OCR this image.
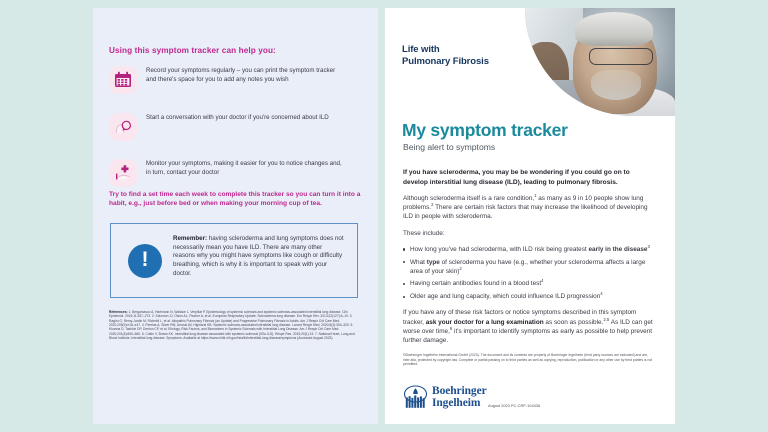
Using this symptom tracker can help you:
Record your symptoms regularly – you can print the symptom tracker and there's space for you to add any notes you wish
Start a conversation with your doctor if you're concerned about ILD
Monitor your symptoms, making it easier for you to notice changes and, in turn, contact your doctor
Try to find a set time each week to complete this tracker so you can turn it into a habit, e.g., just before bed or when making your morning cup of tea.
!
Remember: having scleroderma and lung symptoms does not necessarily mean you have ILD. There are many other reasons why you might have symptoms like cough or difficulty breathing, which is why it is important to speak with your doctor.
References: 1. Bergamasco A, Hartmann N, Wallace L, Verpillat P. Epidemiology of systemic sclerosis and systemic sclerosis-associated interstitial lung disease. Clin Epidemiol. 2019;11:257–273. 2. Solomon JJ, Olson AL, Fischer A, et al. European Respiratory Update. Scleroderma lung disease. Eur Respir Rev. 2013;22(127):6–19. 3. Raghu G, Remy-Jardin M, Richeldi L, et al. Idiopathic Pulmonary Fibrosis (an Update) and Progressive Pulmonary Fibrosis in Adults. Am J Respir Crit Care Med. 2022;205(9):e18–e47. 4. Perelas A, Silver RM, Arrossi AV, Highland KB. Systemic sclerosis-associated interstitial lung disease. Lancet Respir Med. 2020;8(3):304–320. 5. Khanna D, Tashkin DP, Denton CP, et al. Etiology, Risk Factors, and Biomarkers in Systemic Sclerosis with Interstitial Lung Disease. Am J Respir Crit Care Med. 2020;201(6):650–660. 6. Cottin V, Brown KK. Interstitial lung disease associated with systemic sclerosis (SSc-ILD). Respir Res. 2019;20(1):13. 7. National Heart, Lung and Blood Institute. Interstitial lung disease: Symptoms. Available at https://www.nhlbi.nih.gov/health/interstitial-lung-disease/symptoms (Accessed August 2023).
Life with
Pulmonary Fibrosis
My symptom tracker
Being alert to symptoms

If you have scleroderma, you may be be wondering if you could go on to develop interstitial lung disease (ILD), leading to pulmonary fibrosis.

Although scleroderma itself is a rare condition,$^1$ as many as 9 in 10 people show lung problems.$^2$ There are certain risk factors that may increase the likelihood of developing ILD in people with scleroderma.

These include:

How long you've had scleroderma, with ILD risk being greatest early in the disease$^3$
What type of scleroderma you have (e.g., whether your scleroderma affects a large area of your skin)$^2$
Having certain antibodies found in a blood test$^4$
Older age and lung capacity, which could influence ILD progression$^4$

If you have any of these risk factors or notice symptoms described in this symptom tracker, ask your doctor for a lung examination as soon as possible.$^{2,5}$ As ILD can get worse over time,$^6$ it's important to identify symptoms as early as possible to help prevent further damage.

©Boehringer Ingelheim International GmbH (2023). The document and its contents are property of Boehringer Ingelheim (third party sources are indicated) and are, inter alia, protected by copyright law. Complete or partial passing on to third parties as well as copying, reproduction, publication or any other use by third parties is not permitted.
Boehringer
Ingelheim	August 2023 PC-CRP-104436
